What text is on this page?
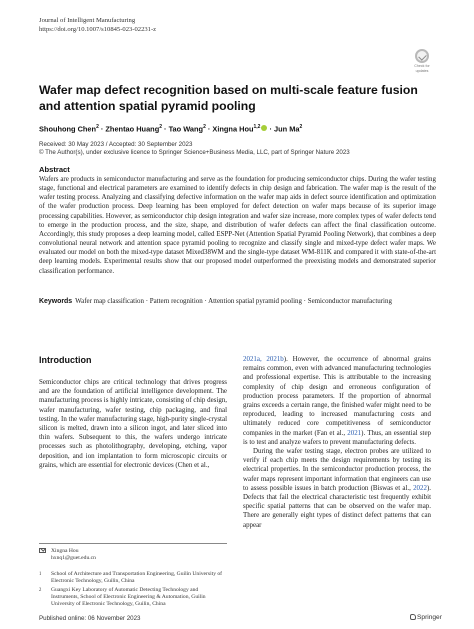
Journal of Intelligent Manufacturing
https://doi.org/10.1007/s10845-023-02231-z
Check for
updates
Wafer map defect recognition based on multi-scale feature fusion and attention spatial pyramid pooling
Shouhong Chen$^2$ · Zhentao Huang$^2$ · Tao Wang$^2$ · Xingna Hou$^{1,2}$ · Jun Ma$^2$
Received: 30 May 2023 / Accepted: 30 September 2023
© The Author(s), under exclusive licence to Springer Science+Business Media, LLC, part of Springer Nature 2023
Abstract
Wafers are products in semiconductor manufacturing and serve as the foundation for producing semiconductor chips. During the wafer testing stage, functional and electrical parameters are examined to identify defects in chip design and fabrication. The wafer map is the result of the wafer testing process. Analyzing and classifying defective information on the wafer map aids in defect source identification and optimization of the wafer production process. Deep learning has been employed for defect detection on wafer maps because of its superior image processing capabilities. However, as semiconductor chip design integration and wafer size increase, more complex types of wafer defects tend to emerge in the production process, and the size, shape, and distribution of wafer defects can affect the final classification outcome. Accordingly, this study proposes a deep learning model, called ESPP-Net (Attention Spatial Pyramid Pooling Network), that combines a deep convolutional neural network and attention space pyramid pooling to recognize and classify single and mixed-type defect wafer maps. We evaluated our model on both the mixed-type dataset Mixed38WM and the single-type dataset WM-811K and compared it with state-of-the-art deep learning models. Experimental results show that our proposed model outperformed the preexisting models and demonstrated superior classification performance.
Keywords Wafer map classification · Pattern recognition · Attention spatial pyramid pooling · Semiconductor manufacturing
Introduction

Semiconductor chips are critical technology that drives progress and are the foundation of artificial intelligence development. The manufacturing process is highly intricate, consisting of chip design, wafer manufacturing, wafer testing, chip packaging, and final testing. In the wafer manufacturing stage, high-purity single-crystal silicon is melted, drawn into a silicon ingot, and later sliced into thin wafers. Subsequent to this, the wafers undergo intricate processes such as photolithography, developing, etching, vapor deposition, and ion implantation to form microscopic circuits or grains, which are essential for electronic devices (Chen et al.,

2021a, 2021b). However, the occurrence of abnormal grains remains common, even with advanced manufacturing technologies and professional expertise. This is attributable to the increasing complexity of chip design and erroneous configuration of production process parameters. If the proportion of abnormal grains exceeds a certain range, the finished wafer might need to be reproduced, leading to increased manufacturing costs and ultimately reduced core competitiveness of semiconductor companies in the market (Fan et al., 2021). Thus, an essential step is to test and analyze wafers to prevent manufacturing defects.

During the wafer testing stage, electron probes are utilized to verify if each chip meets the design requirements by testing its electrical properties. In the semiconductor production process, the wafer maps represent important information that engineers can use to assess possible issues in batch production (Biswas et al., 2022). Defects that fail the electrical characteristic test frequently exhibit specific spatial patterns that can be observed on the wafer map. There are generally eight types of distinct defect patterns that can appear

Xingna Hou
hxnq1@guet.edu.cn
$^1$	School of Architecture and Transportation Engineering, Guilin University of Electronic Technology, Guilin, China
$^2$	Guangxi Key Laboratory of Automatic Detecting Technology and Instruments, School of Electronic Engineering & Automation, Guilin University of Electronic Technology, Guilin, China
Published online: 06 November 2023	Springer
